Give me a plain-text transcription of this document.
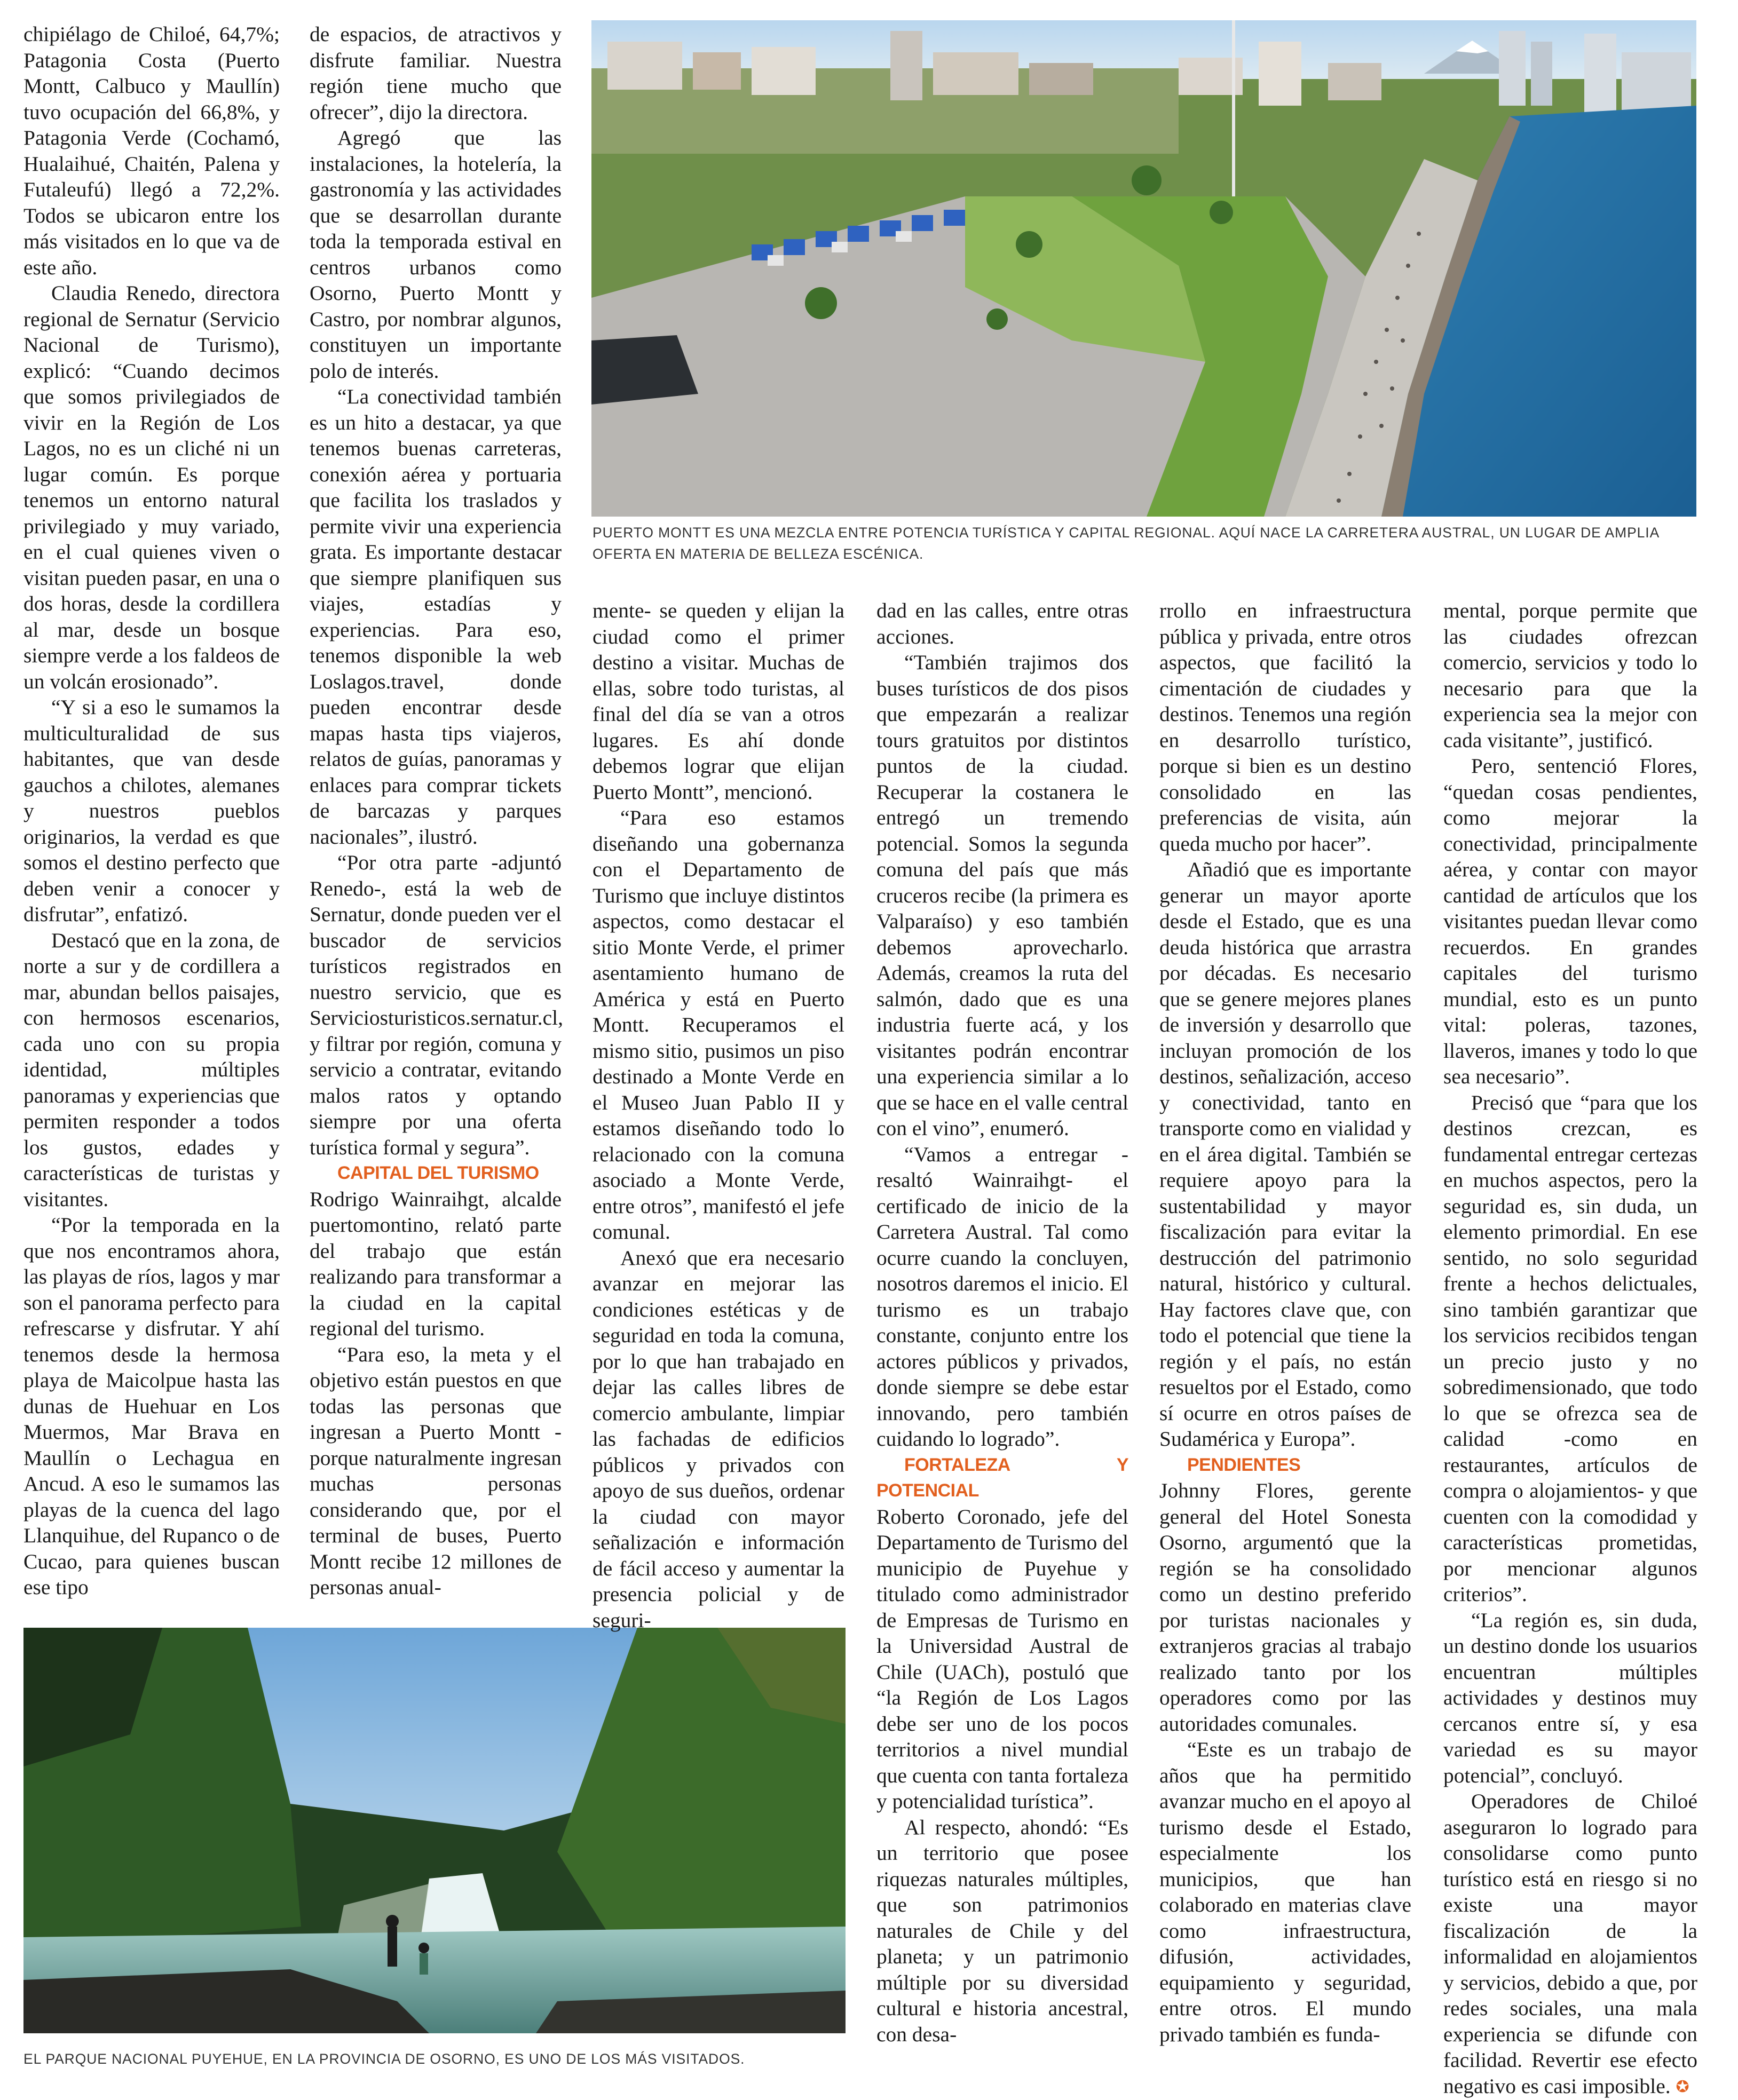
PUERTO MONTT ES UNA MEZCLA ENTRE POTENCIA TURÍSTICA Y CAPITAL REGIONAL. AQUÍ NACE LA CARRETERA AUSTRAL, UN LUGAR DE AMPLIA OFERTA EN MATERIA DE BELLEZA ESCÉNICA.
EL PARQUE NACIONAL PUYEHUE, EN LA PROVINCIA DE OSORNO, ES UNO DE LOS MÁS VISITADOS.

chipiélago de Chiloé, 64,7%; Patagonia Costa (Puerto Montt, Calbuco y Maullín) tuvo ocupación del 66,8%, y Patagonia Verde (Cochamó, Hualaihué, Chaitén, Palena y Futaleufú) llegó a 72,2%. Todos se ubicaron entre los más visitados en lo que va de este año.

Claudia Renedo, directora regional de Sernatur (Servicio Nacional de Turismo), explicó: “Cuando decimos que somos privilegiados de vivir en la Región de Los Lagos, no es un cliché ni un lugar común. Es porque tenemos un entorno natural privilegiado y muy variado, en el cual quienes viven o visitan pueden pasar, en una o dos horas, desde la cordillera al mar, desde un bosque siempre verde a los faldeos de un volcán erosionado”.

“Y si a eso le sumamos la multiculturalidad de sus habitantes, que van desde gauchos a chilotes, alemanes y nuestros pueblos originarios, la verdad es que somos el destino perfecto que deben venir a conocer y disfrutar”, enfatizó.

Destacó que en la zona, de norte a sur y de cordillera a mar, abundan bellos paisajes, con hermosos escenarios, cada uno con su propia identidad, múltiples panoramas y experiencias que permiten responder a todos los gustos, edades y características de turistas y visitantes.

“Por la temporada en la que nos encontramos ahora, las playas de ríos, lagos y mar son el panorama perfecto para refrescarse y disfrutar. Y ahí tenemos desde la hermosa playa de Maicolpue hasta las dunas de Huehuar en Los Muermos, Mar Brava en Maullín o Lechagua en Ancud. A eso le sumamos las playas de la cuenca del lago Llanquihue, del Rupanco o de Cucao, para quienes buscan ese tipo

de espacios, de atractivos y disfrute familiar. Nuestra región tiene mucho que ofrecer”, dijo la directora.

Agregó que las instalaciones, la hotelería, la gastronomía y las actividades que se desarrollan durante toda la temporada estival en centros urbanos como Osorno, Puerto Montt y Castro, por nombrar algunos, constituyen un importante polo de interés.

“La conectividad también es un hito a destacar, ya que tenemos buenas carreteras, conexión aérea y portuaria que facilita los traslados y permite vivir una experiencia grata. Es importante destacar que siempre planifiquen sus viajes, estadías y experiencias. Para eso, tenemos disponible la web Loslagos.travel, donde pueden encontrar desde mapas hasta tips viajeros, relatos de guías, panoramas y enlaces para comprar tickets de barcazas y parques nacionales”, ilustró.

“Por otra parte -adjuntó Renedo-, está la web de Sernatur, donde pueden ver el buscador de servicios turísticos registrados en nuestro servicio, que es Serviciosturisticos.sernatur.cl, y filtrar por región, comuna y servicio a contratar, evitando malos ratos y optando siempre por una oferta turística formal y segura”.

CAPITAL DEL TURISMO

Rodrigo Wainraihgt, alcalde puertomontino, relató parte del trabajo que están realizando para transformar a la ciudad en la capital regional del turismo.

“Para eso, la meta y el objetivo están puestos en que todas las personas que ingresan a Puerto Montt -porque naturalmente ingresan muchas personas considerando que, por el terminal de buses, Puerto Montt recibe 12 millones de personas anual-

mente- se queden y elijan la ciudad como el primer destino a visitar. Muchas de ellas, sobre todo turistas, al final del día se van a otros lugares. Es ahí donde debemos lograr que elijan Puerto Montt”, mencionó.

“Para eso estamos diseñando una gobernanza con el Departamento de Turismo que incluye distintos aspectos, como destacar el sitio Monte Verde, el primer asentamiento humano de América y está en Puerto Montt. Recuperamos el mismo sitio, pusimos un piso destinado a Monte Verde en el Museo Juan Pablo II y estamos diseñando todo lo relacionado con la comuna asociado a Monte Verde, entre otros”, manifestó el jefe comunal.

Anexó que era necesario avanzar en mejorar las condiciones estéticas y de seguridad en toda la comuna, por lo que han trabajado en dejar las calles libres de comercio ambulante, limpiar las fachadas de edificios públicos y privados con apoyo de sus dueños, ordenar la ciudad con mayor señalización e información de fácil acceso y aumentar la presencia policial y de seguri-

dad en las calles, entre otras acciones.

“También trajimos dos buses turísticos de dos pisos que empezarán a realizar tours gratuitos por distintos puntos de la ciudad. Recuperar la costanera le entregó un tremendo potencial. Somos la segunda comuna del país que más cruceros recibe (la primera es Valparaíso) y eso también debemos aprovecharlo. Además, creamos la ruta del salmón, dado que es una industria fuerte acá, y los visitantes podrán encontrar una experiencia similar a lo que se hace en el valle central con el vino”, enumeró.

“Vamos a entregar -resaltó Wainraihgt- el certificado de inicio de la Carretera Austral. Tal como ocurre cuando la concluyen, nosotros daremos el inicio. El turismo es un trabajo constante, conjunto entre los actores públicos y privados, donde siempre se debe estar innovando, pero también cuidando lo logrado”.

FORTALEZA Y POTENCIAL

Roberto Coronado, jefe del Departamento de Turismo del municipio de Puyehue y titulado como administrador de Empresas de Turismo en la Universidad Austral de Chile (UACh), postuló que “la Región de Los Lagos debe ser uno de los pocos territorios a nivel mundial que cuenta con tanta fortaleza y potencialidad turística”.

Al respecto, ahondó: “Es un territorio que posee riquezas naturales múltiples, que son patrimonios naturales de Chile y del planeta; y un patrimonio múltiple por su diversidad cultural e historia ancestral, con desa-

rrollo en infraestructura pública y privada, entre otros aspectos, que facilitó la cimentación de ciudades y destinos. Tenemos una región en desarrollo turístico, porque si bien es un destino consolidado en las preferencias de visita, aún queda mucho por hacer”.

Añadió que es importante generar un mayor aporte desde el Estado, que es una deuda histórica que arrastra por décadas. Es necesario que se genere mejores planes de inversión y desarrollo que incluyan promoción de los destinos, señalización, acceso y conectividad, tanto en transporte como en vialidad y en el área digital. También se requiere apoyo para la sustentabilidad y mayor fiscalización para evitar la destrucción del patrimonio natural, histórico y cultural. Hay factores clave que, con todo el potencial que tiene la región y el país, no están resueltos por el Estado, como sí ocurre en otros países de Sudamérica y Europa”.

PENDIENTES

Johnny Flores, gerente general del Hotel Sonesta Osorno, argumentó que la región se ha consolidado como un destino preferido por turistas nacionales y extranjeros gracias al trabajo realizado tanto por los operadores como por las autoridades comunales.

“Este es un trabajo de años que ha permitido avanzar mucho en el apoyo al turismo desde el Estado, especialmente los municipios, que han colaborado en materias clave como infraestructura, difusión, actividades, equipamiento y seguridad, entre otros. El mundo privado también es funda-

mental, porque permite que las ciudades ofrezcan comercio, servicios y todo lo necesario para que la experiencia sea la mejor con cada visitante”, justificó.

Pero, sentenció Flores, “quedan cosas pendientes, como mejorar la conectividad, principalmente aérea, y contar con mayor cantidad de artículos que los visitantes puedan llevar como recuerdos. En grandes capitales del turismo mundial, esto es un punto vital: poleras, tazones, llaveros, imanes y todo lo que sea necesario”.

Precisó que “para que los destinos crezcan, es fundamental entregar certezas en muchos aspectos, pero la seguridad es, sin duda, un elemento primordial. En ese sentido, no solo seguridad frente a hechos delictuales, sino también garantizar que los servicios recibidos tengan un precio justo y no sobredimensionado, que todo lo que se ofrezca sea de calidad -como en restaurantes, artículos de compra o alojamientos- y que cuenten con la comodidad y características prometidas, por mencionar algunos criterios”.

“La región es, sin duda, un destino donde los usuarios encuentran múltiples actividades y destinos muy cercanos entre sí, y esa variedad es su mayor potencial”, concluyó.

Operadores de Chiloé aseguraron lo logrado para consolidarse como punto turístico está en riesgo si no existe una mayor fiscalización de la informalidad en alojamientos y servicios, debido a que, por redes sociales, una mala experiencia se difunde con facilidad. Revertir ese efecto negativo es casi imposible. ✪
